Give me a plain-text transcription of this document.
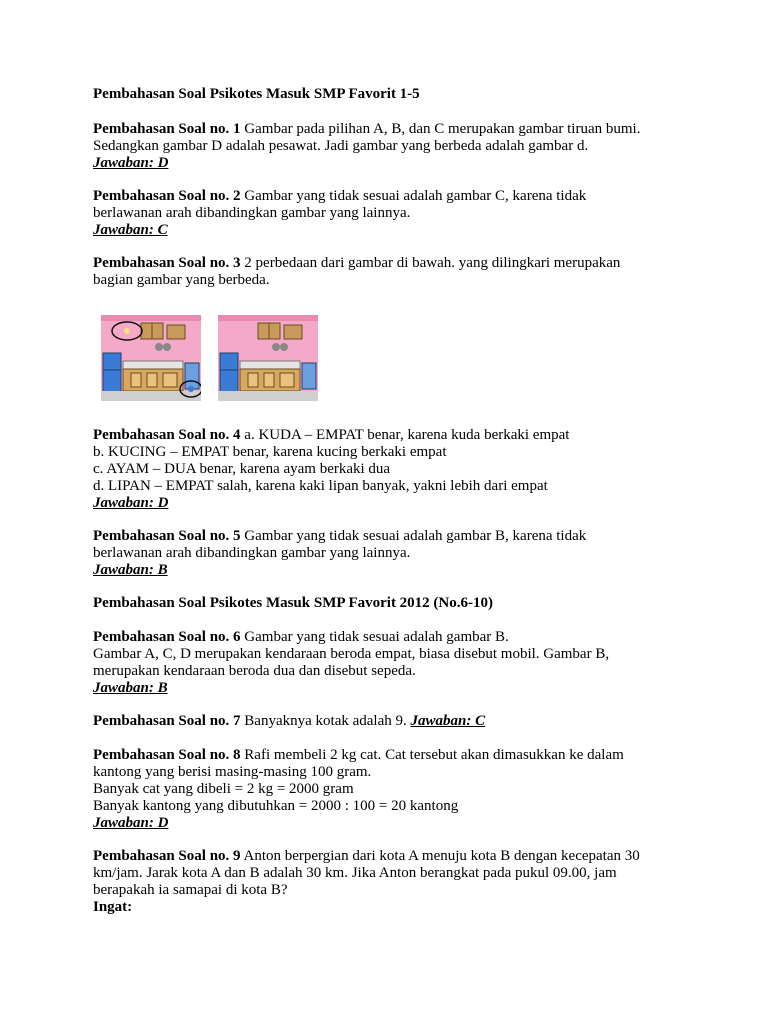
Pembahasan Soal Psikotes Masuk SMP Favorit 1-5
Pembahasan Soal no. 1 Gambar pada pilihan A, B, dan C merupakan gambar tiruan bumi.
Sedangkan gambar D adalah pesawat. Jadi gambar yang berbeda adalah gambar d.
Jawaban: D
Pembahasan Soal no. 2 Gambar yang tidak sesuai adalah gambar C, karena tidak
berlawanan arah dibandingkan gambar yang lainnya.
Jawaban: C
Pembahasan Soal no. 3 2 perbedaan dari gambar di bawah. yang dilingkari merupakan
bagian gambar yang berbeda.
Pembahasan Soal no. 4 a. KUDA – EMPAT benar, karena kuda berkaki empat
b. KUCING – EMPAT benar, karena kucing berkaki empat
c. AYAM – DUA benar, karena ayam berkaki dua
d. LIPAN – EMPAT salah, karena kaki lipan banyak, yakni lebih dari empat
Jawaban: D
Pembahasan Soal no. 5 Gambar yang tidak sesuai adalah gambar B, karena tidak
berlawanan arah dibandingkan gambar yang lainnya.
Jawaban: B
Pembahasan Soal Psikotes Masuk SMP Favorit 2012 (No.6-10)
Pembahasan Soal no. 6 Gambar yang tidak sesuai adalah gambar B.
Gambar A, C, D merupakan kendaraan beroda empat, biasa disebut mobil. Gambar B,
merupakan kendaraan beroda dua dan disebut sepeda.
Jawaban: B
Pembahasan Soal no. 7 Banyaknya kotak adalah 9. Jawaban: C
Pembahasan Soal no. 8 Rafi membeli 2 kg cat. Cat tersebut akan dimasukkan ke dalam
kantong yang berisi masing-masing 100 gram.
Banyak cat yang dibeli = 2 kg = 2000 gram
Banyak kantong yang dibutuhkan = 2000 : 100 = 20 kantong
Jawaban: D
Pembahasan Soal no. 9 Anton berpergian dari kota A menuju kota B dengan kecepatan 30
km/jam. Jarak kota A dan B adalah 30 km. Jika Anton berangkat pada pukul 09.00, jam
berapakah ia samapai di kota B?
Ingat:
